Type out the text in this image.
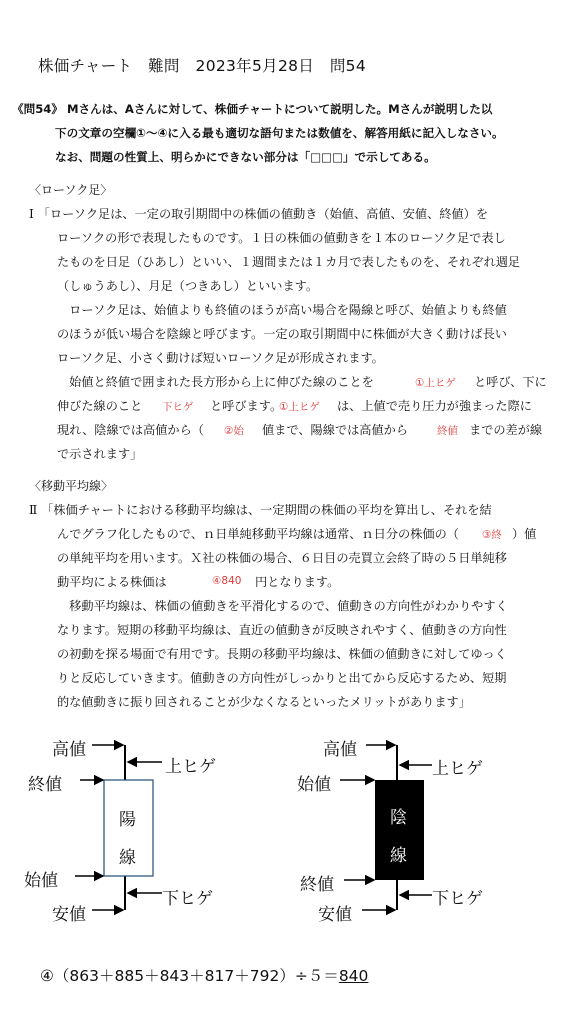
株価チャート　難問　2023年5月28日　問54
《問54》 Mさんは、Aさんに対して、株価チャートについて説明した。Mさんが説明した以
下の文章の空欄①～④に入る最も適切な語句または数値を、解答用紙に記入しなさい。
なお、問題の性質上、明らかにできない部分は「□□□」で示してある。
〈ローソク足〉
Ⅰ 「ローソク足は、一定の取引期間中の株価の値動き（始値、高値、安値、終値）を
ローソクの形で表現したものです。１日の株価の値動きを１本のローソク足で表し
たものを日足（ひあし）といい、１週間または１カ月で表したものを、それぞれ週足
（しゅうあし）、月足（つきあし）といいます。
　ローソク足は、始値よりも終値のほうが高い場合を陽線と呼び、始値よりも終値
のほうが低い場合を陰線と呼びます。一定の取引期間中に株価が大きく動けば長い
ローソク足、小さく動けば短いローソク足が形成されます。
　始値と終値で囲まれた長方形から上に伸びた線のことを	①上ヒゲ と呼び、下に
伸びた線のこと 下ヒゲ と呼びます。
①上ヒゲ は、上値で売り圧力が強まった際に
現れ、陰線では高値から（ ②始 値まで、陽線では高値から	終値 までの差が線
で示されます」
〈移動平均線〉
Ⅱ 「株価チャートにおける移動平均線は、一定期間の株価の平均を算出し、それを結
んでグラフ化したもので、ｎ日単純移動平均線は通常、ｎ日分の株価の（ ③終 ）値
の単純平均を用います。Ｘ社の株価の場合、６日目の売買立会終了時の５日単純移
動平均による株価は	④840 円となります。
　移動平均線は、株価の値動きを平滑化するので、値動きの方向性がわかりやすく
なります。短期の移動平均線は、直近の値動きが反映されやすく、値動きの方向性
の初動を探る場面で有用です。長期の移動平均線は、株価の値動きに対してゆっく
りと反応していきます。値動きの方向性がしっかりと出てから反応するため、短期
的な値動きに振り回されることが少なくなるといったメリットがあります」
高値
終値
始値
安値
上ヒゲ
下ヒゲ
陽
線
高値
始値
終値
安値
上ヒゲ
下ヒゲ
陰
線
④（863＋885＋843＋817＋792）÷５＝840
